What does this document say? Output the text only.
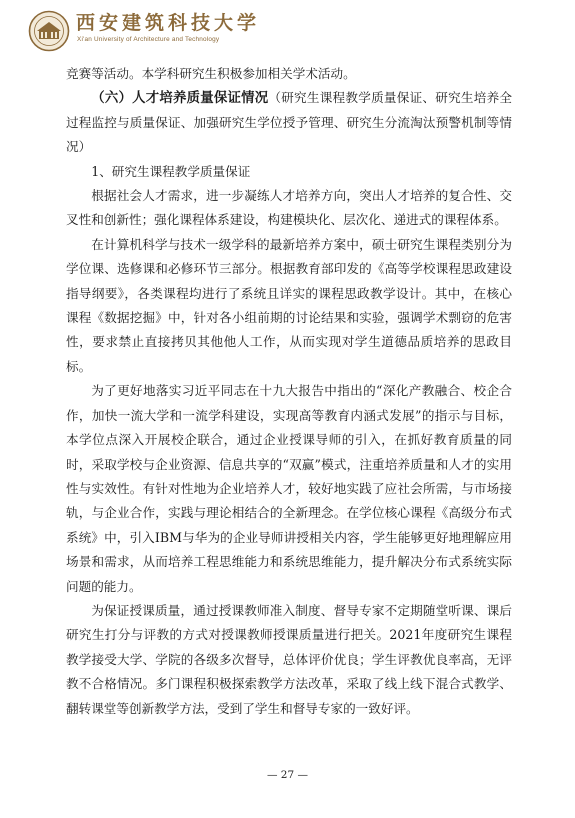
西安建筑科技大学
Xi'an University of Architecture and Technology

竞赛等活动。本学科研究生积极参加相关学术活动。

（六）人才培养质量保证情况（研究生课程教学质量保证、研究生培养全过程监控与质量保证、加强研究生学位授予管理、研究生分流淘汰预警机制等情况）

1、研究生课程教学质量保证

根据社会人才需求，进一步凝练人才培养方向，突出人才培养的复合性、交叉性和创新性；强化课程体系建设，构建模块化、层次化、递进式的课程体系。

在计算机科学与技术一级学科的最新培养方案中，硕士研究生课程类别分为学位课、选修课和必修环节三部分。根据教育部印发的《高等学校课程思政建设指导纲要》，各类课程均进行了系统且详实的课程思政教学设计。其中，在核心课程《数据挖掘》中，针对各小组前期的讨论结果和实验，强调学术剽窃的危害性，要求禁止直接拷贝其他他人工作，从而实现对学生道德品质培养的思政目标。

为了更好地落实习近平同志在十九大报告中指出的“深化产教融合、校企合作，加快一流大学和一流学科建设，实现高等教育内涵式发展”的指示与目标，本学位点深入开展校企联合，通过企业授课导师的引入，在抓好教育质量的同时，采取学校与企业资源、信息共享的“双赢”模式，注重培养质量和人才的实用性与实效性。有针对性地为企业培养人才，较好地实践了应社会所需，与市场接轨，与企业合作，实践与理论相结合的全新理念。在学位核心课程《高级分布式系统》中，引入IBM与华为的企业导师讲授相关内容，学生能够更好地理解应用场景和需求，从而培养工程思维能力和系统思维能力，提升解决分布式系统实际问题的能力。

为保证授课质量，通过授课教师准入制度、督导专家不定期随堂听课、课后研究生打分与评教的方式对授课教师授课质量进行把关。2021年度研究生课程教学接受大学、学院的各级多次督导，总体评价优良；学生评教优良率高，无评教不合格情况。多门课程积极探索教学方法改革，采取了线上线下混合式教学、翻转课堂等创新教学方法，受到了学生和督导专家的一致好评。

— 27 —
